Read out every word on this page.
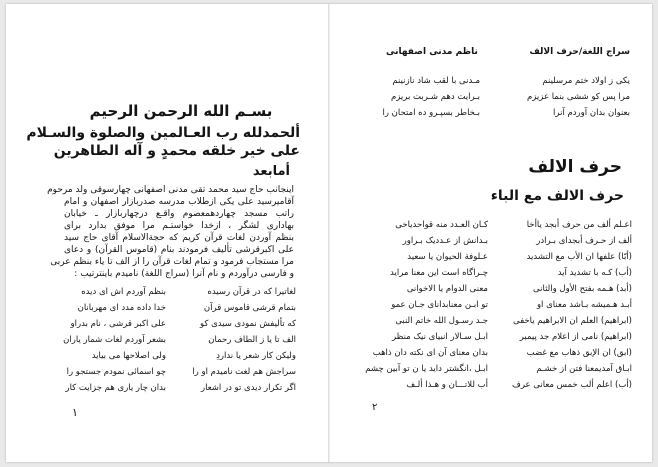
بسـم الله الرحمن الرحيم
ألحمدلله رب العـالمين والصلوة والسـلام
علی خیر خلقه محمدٍ و آله الطاهرین
أمابعد
اینجانب حاج سید محمد تقی مدنی اصفهانی چهارسوقی ولد مرحوم
آقامیرسید علی یکی ازطلاب مدرسه صدربازار اصفهان و امام
راتب مسجد چهاردهمعصوم واقـع درچهاربازار ـ خیابان
بهاداری لشگر ، ازخدا خواستـم مرا موفق بدارد برای
بنظم آوردن لغات قرآن کریم که حجةالاسلام آقای حاج سید
علی اکبرقرشی تألیف فرمودند بنام (قاموس القرآن) و دعای
مرا مستجاب فرمود و تمام لغات قرآن را از الف تا یاء بنظم عربی
و فارسی درآوردم و نام آنرا (سراج اللغة) نامیدم باینترتیب :
لغاتیرا که در قرآن رسیده
بتمام قرشی قاموس قرآن
که تألیفش نمودی سیدی کو
الف تا یا ز الطاف رحمان
ولیکن کار شعر یا نداردِ
سراجش هم لغت نامیدم او را
اگر تکرار دیدی تو در اشعار
بنظم آوردم اش ای دیده
خدا داده مدد ای مهربانان
علی اکبر قرشی ، نام بدراو
بشعر آوردم لغات شمار یاران
ولی اصلاحها می بیاید
چو اسمائی نمودم جستجو را
بدان چار یاری هم جزایت کار
١
سراج اللغة/حرف الالف
ناظم مدنی اصفهانی
یکی ز اولاد ختم مرسلینم
مرا پس کو ششی بنما عزیزم
بعنوان بدان آوردم آنرا
مـدنی با لقب شاد نازنینم
بـرایت دهم شـربت بریزم
بـخاطر بسپـرو ده امتحان را
حرف الالف
حرف الالف مع الباء
اعـلم ألف من حرف أبجد یاأخا
ألف از حـرف أبجدای بـرادر
(أبّا) علفها ان الأب مع التشدید
(أب) کـه با تشدید آید
(أبد) ه‍ـ‍مه بفتح الأول والثانی
أبـد هـمیشه بـاشد معنای او
(ابراهیم) العلم ان الابراهیم یاخفی
(ابراهیم) نامی از اعلام جد پیمبر
(ابق) ان الإبق ذهاب مع غضب
ابـاق آمدیمعنا فتن از خشـم
(أب) اعلم ألب خمس معانی عرف
کـان العـدد منه قواحدیاخی
بـدانش از عـددیک بـراور
عـلوفة الحیوان یا سعید
چـراگاه است این معنا مراید
معنی الدوام یا الاخوانی
تو ابـن معنابدانای جـان عمو
جـد رسـول الله خاتم النبی
ابـل سـالار انبیای نیک منظر
بدان معنای آن ای نکته دان ذاهب
ابـل ،انگشتر داید یا ن تو آبین چشم
أب للاتـــان و هـذا ألـف
٢
